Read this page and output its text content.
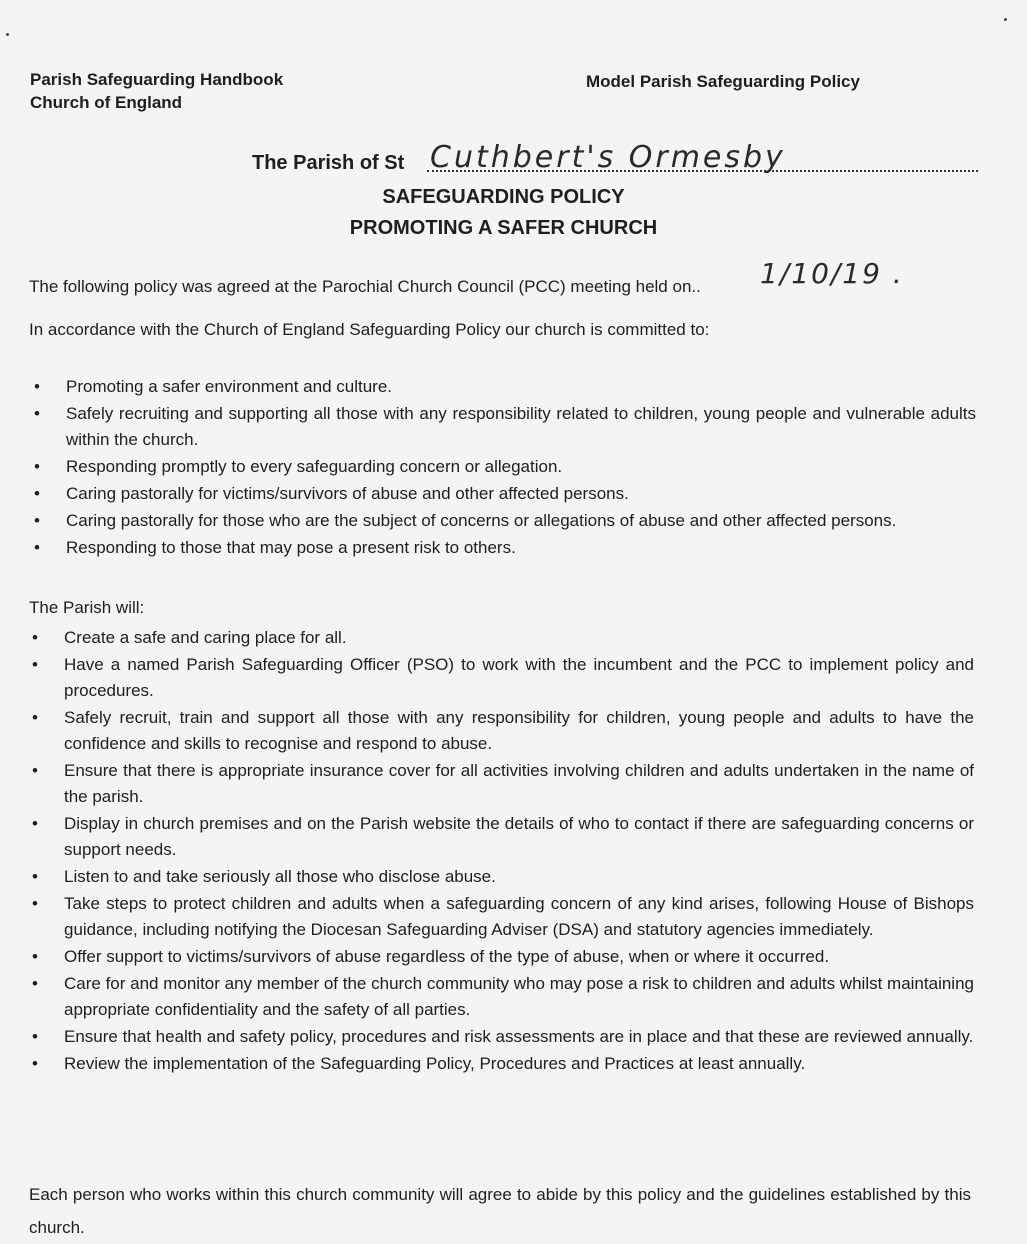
Parish Safeguarding Handbook
Church of England
Model Parish Safeguarding Policy
The Parish of St Cuthbert's Ormesby
SAFEGUARDING POLICY
PROMOTING A SAFER CHURCH
The following policy was agreed at the Parochial Church Council (PCC) meeting held on.. 1/10/19 .
In accordance with the Church of England Safeguarding Policy our church is committed to:
• Promoting a safer environment and culture.
• Safely recruiting and supporting all those with any responsibility related to children, young people and vulnerable adults within the church.
• Responding promptly to every safeguarding concern or allegation.
• Caring pastorally for victims/survivors of abuse and other affected persons.
• Caring pastorally for those who are the subject of concerns or allegations of abuse and other affected persons.
• Responding to those that may pose a present risk to others.
The Parish will:
• Create a safe and caring place for all.
• Have a named Parish Safeguarding Officer (PSO) to work with the incumbent and the PCC to implement policy and procedures.
• Safely recruit, train and support all those with any responsibility for children, young people and adults to have the confidence and skills to recognise and respond to abuse.
• Ensure that there is appropriate insurance cover for all activities involving children and adults undertaken in the name of the parish.
• Display in church premises and on the Parish website the details of who to contact if there are safeguarding concerns or support needs.
• Listen to and take seriously all those who disclose abuse.
• Take steps to protect children and adults when a safeguarding concern of any kind arises, following House of Bishops guidance, including notifying the Diocesan Safeguarding Adviser (DSA) and statutory agencies immediately.
• Offer support to victims/survivors of abuse regardless of the type of abuse, when or where it occurred.
• Care for and monitor any member of the church community who may pose a risk to children and adults whilst maintaining appropriate confidentiality and the safety of all parties.
• Ensure that health and safety policy, procedures and risk assessments are in place and that these are reviewed annually.
• Review the implementation of the Safeguarding Policy, Procedures and Practices at least annually.
Each person who works within this church community will agree to abide by this policy and the guidelines established by this church.
